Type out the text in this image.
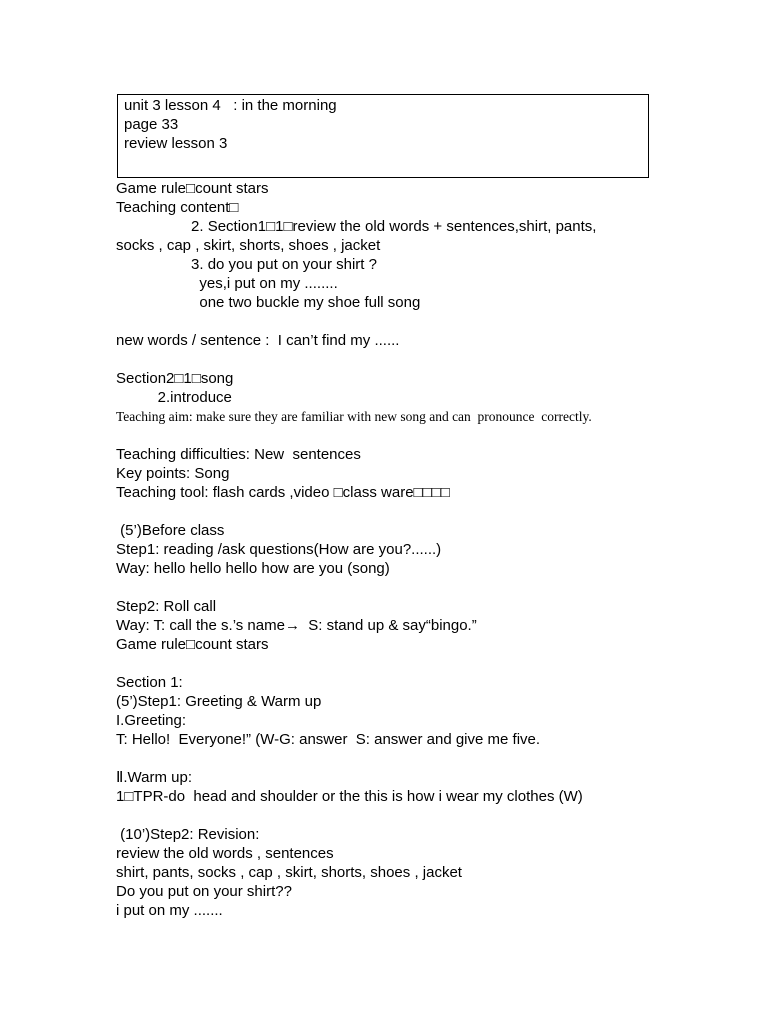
unit 3 lesson 4   : in the morning
page 33
review lesson 3
Game rule□count stars
Teaching content□
2. Section1□1□review the old words + sentences,shirt, pants,
socks , cap , skirt, shorts, shoes , jacket
3. do you put on your shirt ?
yes,i put on my ........
one two buckle my shoe full song
new words / sentence :  I can’t find my ......
Section2□1□song
2.introduce
Teaching aim: make sure they are familiar with new song and can  pronounce  correctly.
Teaching difficulties: New  sentences
Key points: Song
Teaching tool: flash cards ,video □class ware□□□□
(5’)Before class
Step1: reading /ask questions(How are you?......)
Way: hello hello hello how are you (song)
Step2: Roll call
Way: T: call the s.’s name→  S: stand up & say“bingo.”
Game rule□count stars
Section 1:
(5’)Step1: Greeting & Warm up
I.Greeting:
T: Hello!  Everyone!” (W-G: answer  S: answer and give me five.
Ⅱ.Warm up:
1□TPR-do  head and shoulder or the this is how i wear my clothes (W)
(10’)Step2: Revision:
review the old words , sentences
shirt, pants, socks , cap , skirt, shorts, shoes , jacket
Do you put on your shirt??
i put on my .......
